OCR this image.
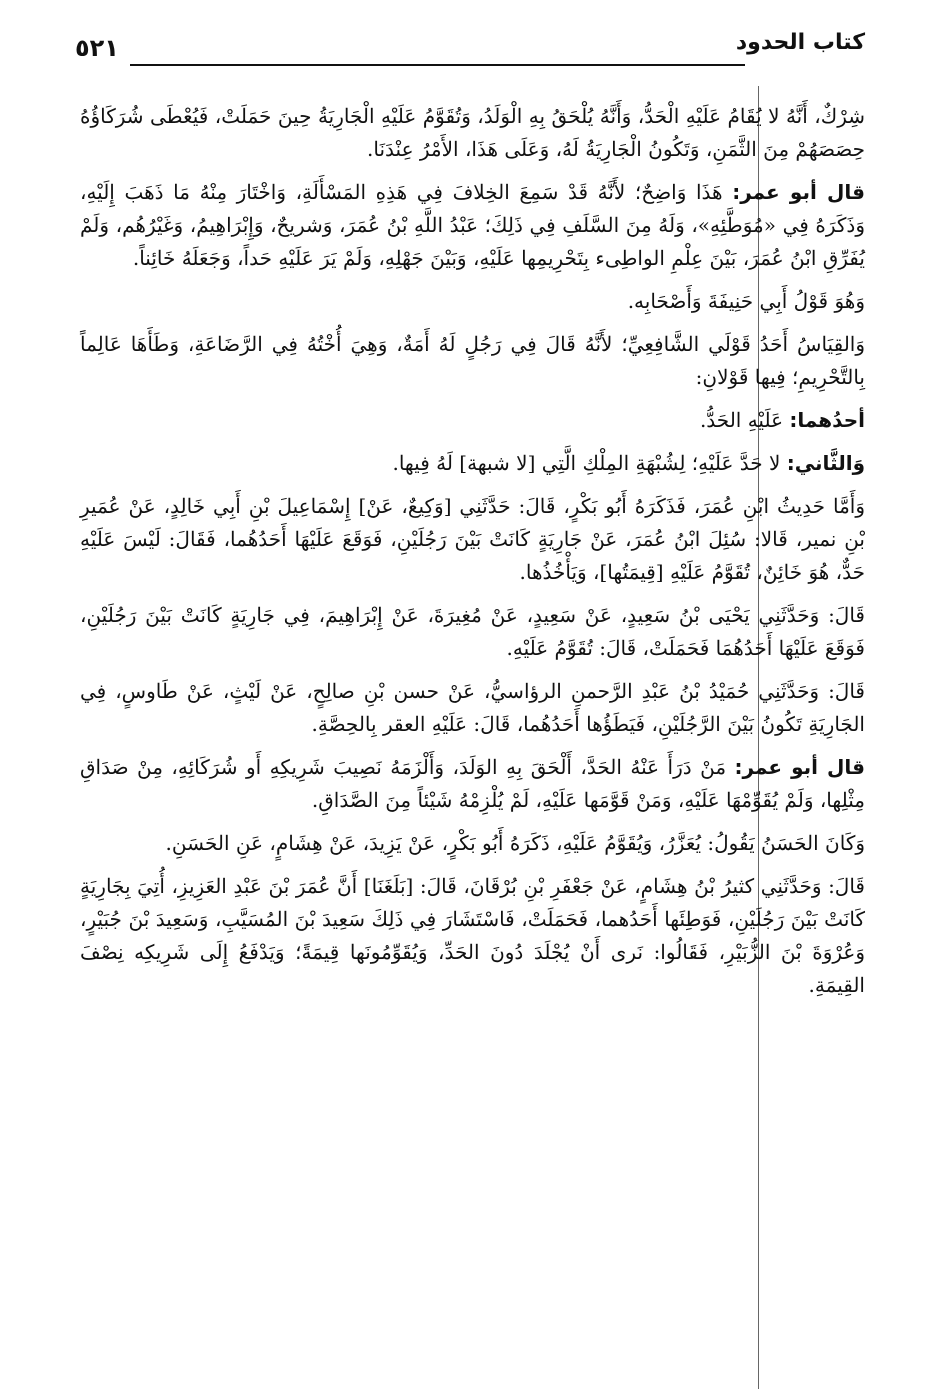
كتاب الحدود
٥٢١

شِرْكٌ، أَنَّهُ لا يُقَامُ عَلَيْهِ الْحَدُّ، وَأَنَّهُ يُلْحَقُ بِهِ الْوَلَدُ، وَتُقَوَّمُ عَلَيْهِ الْجَارِيَةُ حِينَ حَمَلَتْ، فَيُعْطَى شُرَكَاؤُهُ حِصَصَهُمْ مِنَ الثَّمَنِ، وَتَكُونُ الْجَارِيَةُ لَهُ، وَعَلَى هَذَا، الأَمْرُ عِنْدَنَا.

قال أبو عمر: هَذَا وَاضِحٌ؛ لأَنَّهُ قَدْ سَمِعَ الخِلافَ فِي هَذِهِ المَسْأَلَةِ، وَاخْتَارَ مِنْهُ مَا ذَهَبَ إِلَيْهِ، وَذَكَرَهُ فِي «مُوَطَّئِهِ»، وَلَهُ مِنَ السَّلَفِ فِي ذَلِكَ؛ عَبْدُ اللَّهِ بْنُ عُمَرَ، وَشريحٌ، وَإِبْرَاهِيمُ، وَغَيْرُهُم، وَلَمْ يُفَرِّقِ ابْنُ عُمَرَ، بَيْنَ عِلْمِ الواطِىء بِتَحْرِيمِها عَلَيْهِ، وَبَيْنَ جَهْلِهِ، وَلَمْ يَرَ عَلَيْهِ حَداً، وَجَعَلَهُ خَائِناً.

وَهُوَ قَوْلُ أَبِي حَنِيفَةَ وَأَصْحَابِه.

وَالقِيَاسُ أَحَدُ قَوْلَي الشَّافِعِيِّ؛ لأَنَّهُ قَالَ فِي رَجُلٍ لَهُ أَمَةٌ، وَهِيَ أُخْتُهُ فِي الرَّضَاعَةِ، وَطَأَهَا عَالِماً بِالتَّحْرِيمِ؛ فِيها قَوْلانِ:

أحدُهما: عَلَيْهِ الحَدُّ.

وَالثَّاني: لا حَدَّ عَلَيْهِ؛ لِشُبْهَةِ المِلْكِ الَّتِي [لا شبهة] لَهُ فِيها.

وَأَمَّا حَدِيثُ ابْنِ عُمَرَ، فَذَكَرَهُ أَبُو بَكْرٍ، قَالَ: حَدَّثَنِي [وَكِيعٌ، عَنْ] إِسْمَاعِيلَ بْنِ أَبِي خَالِدٍ، عَنْ عُمَيرِ بْنِ نمير، قَالا: سُئِلَ ابْنُ عُمَرَ، عَنْ جَارِيَةٍ كَانَتْ بَيْنَ رَجُلَيْنِ، فَوَقَعَ عَلَيْهَا أَحَدُهُما، فَقَالَ: لَيْسَ عَلَيْهِ حَدٌّ، هُوَ خَائِنٌ، تُقَوَّمُ عَلَيْهِ [قِيمَتُها]، وَيَأْخُذُها.

قَالَ: وَحَدَّثَنِي يَحْيَى بْنُ سَعِيدٍ، عَنْ سَعِيدٍ، عَنْ مُغِيرَةَ، عَنْ إِبْرَاهِيمَ، فِي جَارِيَةٍ كَانَتْ بَيْنَ رَجُلَيْنِ، فَوَقَعَ عَلَيْهَا أَحَدُهُمَا فَحَمَلَتْ، قَالَ: تُقَوَّمُ عَلَيْهِ.

قَالَ: وَحَدَّثَنِي حُمَيْدُ بْنُ عَبْدِ الرَّحمنِ الرؤاسيُّ، عَنْ حسن بْنِ صالِحٍ، عَنْ لَيْثٍ، عَنْ طَاوسٍ، فِي الجَارِيَةِ تَكُونُ بَيْنَ الرَّجُلَيْنِ، فَيَطَؤُها أَحَدُهُما، قَالَ: عَلَيْهِ العقر بِالحِصَّةِ.

قال أبو عمر: مَنْ دَرَأَ عَنْهُ الحَدَّ، أَلْحَقَ بِهِ الوَلَدَ، وَأَلْزَمَهُ نَصِيبَ شَرِيكِهِ أَو شُرَكَائِهِ، مِنْ صَدَاقِ مِثْلِها، وَلَمْ يُقَوِّمْهَا عَلَيْهِ، وَمَنْ قَوَّمَها عَلَيْهِ، لَمْ يُلْزِمْهُ شَيْئاً مِنَ الصَّدَاقِ.

وَكَانَ الحَسَنُ يَقُولُ: يُعَزَّرُ، وَيُقَوَّمُ عَلَيْهِ، ذَكَرَهُ أَبُو بَكْرٍ، عَنْ يَزِيدَ، عَنْ هِشَامٍ، عَنِ الحَسَنِ.

قَالَ: وَحَدَّثَنِي كثيرُ بْنُ هِشَامٍ، عَنْ جَعْفَرِ بْنِ بُرْقَانَ، قَالَ: [بَلَغَنَا] أَنَّ عُمَرَ بْنَ عَبْدِ العَزِيزِ، أُتِيَ بِجَارِيَةٍ كَانَتْ بَيْنَ رَجُلَيْنِ، فَوَطِئَها أَحَدُهما، فَحَمَلَتْ، فَاسْتَشَارَ فِي ذَلِكَ سَعِيدَ بْنَ المُسَيَّبِ، وَسَعِيدَ بْنَ جُبَيْرٍ، وَعُرْوَةَ بْنَ الزُّبَيْرِ، فَقَالُوا: نَرى أَنْ يُجْلَدَ دُونَ الحَدِّ، وَيُقَوِّمُونَها قِيمَةً؛ وَيَدْفَعُ إِلَى شَرِيكِه نِصْفَ القِيمَةِ.
